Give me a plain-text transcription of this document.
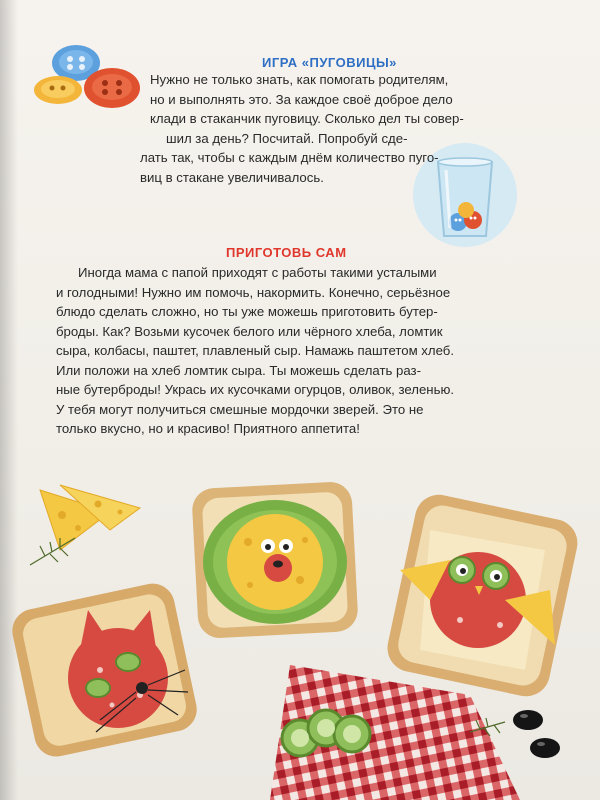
ИГРА «ПУГОВИЦЫ»
Нужно не только знать, как помогать родителям,
но и выполнять это. За каждое своё доброе дело
клади в стаканчик пуговицу. Сколько дел ты совер-
шил за день? Посчитай. Попробуй сде-
лать так, чтобы с каждым днём количество пуго-
виц в стакане увеличивалось.
ПРИГОТОВЬ САМ
Иногда мама с папой приходят с работы такими усталыми
и голодными! Нужно им помочь, накормить. Конечно, серьёзное
блюдо сделать сложно, но ты уже можешь приготовить бутер-
броды. Как? Возьми кусочек белого или чёрного хлеба, ломтик
сыра, колбасы, паштет, плавленый сыр. Намажь паштетом хлеб.
Или положи на хлеб ломтик сыра. Ты можешь сделать раз-
ные бутерброды! Укрась их кусочками огурцов, оливок, зеленью.
У тебя могут получиться смешные мордочки зверей. Это не
только вкусно, но и красиво! Приятного аппетита!
